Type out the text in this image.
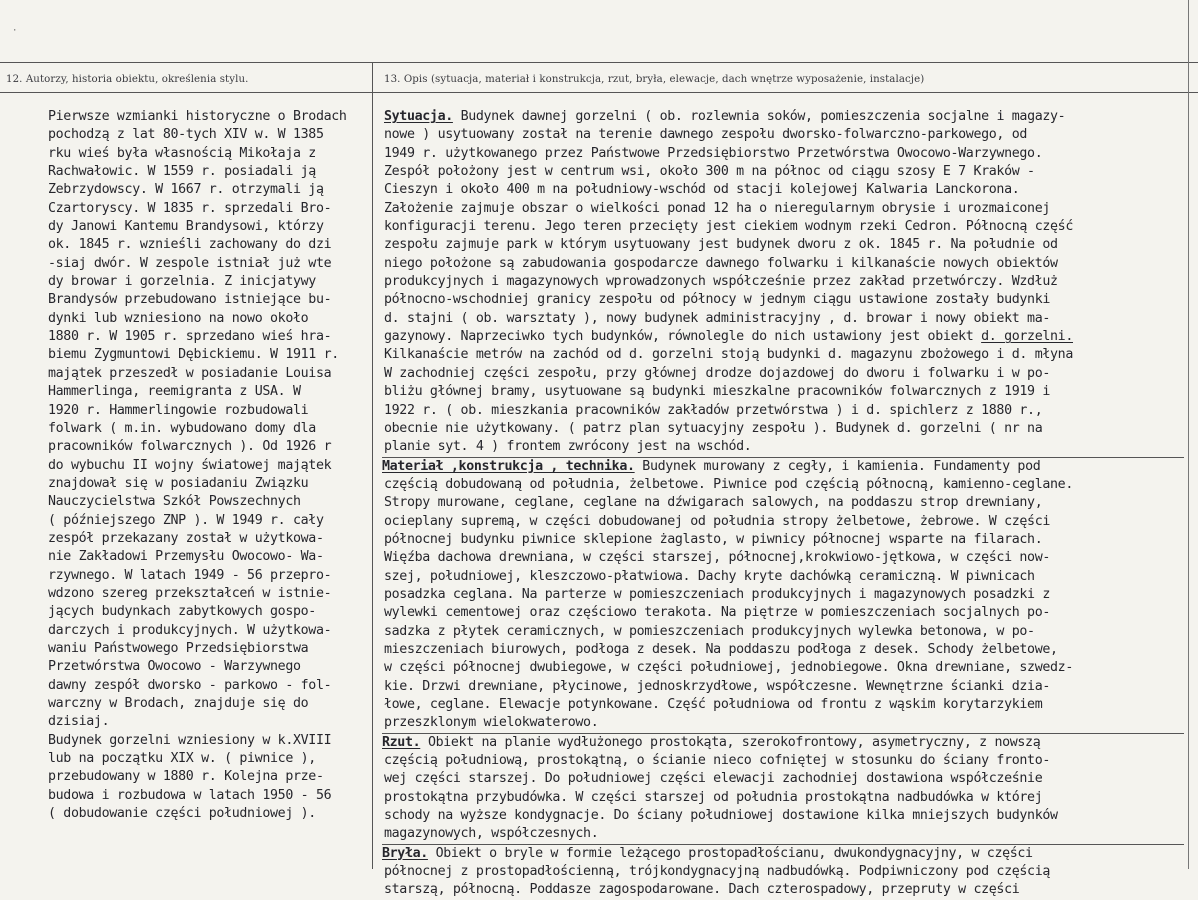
·
12. Autorzy, historia obiektu, określenia stylu.	13. Opis (sytuacja, materiał i konstrukcja, rzut, bryła, elewacje, dach wnętrze wyposażenie, instalacje)
Pierwsze wzmianki historyczne o Brodach
pochodzą z lat 80-tych XIV w. W 1385
rku wieś była własnością Mikołaja z
Rachwałowic. W 1559 r. posiadali ją
Zebrzydowscy. W 1667 r. otrzymali ją
Czartoryscy. W 1835 r. sprzedali Bro-
dy Janowi Kantemu Brandysowi, którzy
ok. 1845 r. wznieśli zachowany do dzi
-siaj dwór. W zespole istniał już wte
dy browar i gorzelnia. Z inicjatywy
Brandysów przebudowano istniejące bu-
dynki lub wzniesiono na nowo około
1880 r. W 1905 r. sprzedano wieś hra-
biemu Zygmuntowi Dębickiemu. W 1911 r.
majątek przeszedł w posiadanie Louisa
Hammerlinga, reemigranta z USA. W
1920 r. Hammerlingowie rozbudowali
folwark ( m.in. wybudowano domy dla
pracowników folwarcznych ). Od 1926 r
do wybuchu II wojny światowej majątek
znajdował się w posiadaniu Związku
Nauczycielstwa Szkół Powszechnych
( późniejszego ZNP ). W 1949 r. cały
zespół przekazany został w użytkowa-
nie Zakładowi Przemysłu Owocowo- Wa-
rzywnego. W latach 1949 - 56 przepro-
wdzono szereg przekształceń w istnie-
jących budynkach zabytkowych gospo-
darczych i produkcyjnych. W użytkowa-
waniu Państwowego Przedsiębiorstwa
Przetwórstwa Owocowo - Warzywnego
dawny zespół dworsko - parkowo - fol-
warczny w Brodach, znajduje się do
dzisiaj.
Budynek gorzelni wzniesiony w k.XVIII
lub na początku XIX w. ( piwnice ),
przebudowany w 1880 r. Kolejna prze-
budowa i rozbudowa w latach 1950 - 56
( dobudowanie części południowej ).
Sytuacja. Budynek dawnej gorzelni ( ob. rozlewnia soków, pomieszczenia socjalne i magazy-
nowe ) usytuowany został na terenie dawnego zespołu dworsko-folwarczno-parkowego, od
1949 r. użytkowanego przez Państwowe Przedsiębiorstwo Przetwórstwa Owocowo-Warzywnego.
Zespół położony jest w centrum wsi, około 300 m na północ od ciągu szosy E 7 Kraków -
Cieszyn i około 400 m na południowy-wschód od stacji kolejowej Kalwaria Lanckorona.
Założenie zajmuje obszar o wielkości ponad 12 ha o nieregularnym obrysie i urozmaiconej
konfiguracji terenu. Jego teren przecięty jest ciekiem wodnym rzeki Cedron. Północną część
zespołu zajmuje park w którym usytuowany jest budynek dworu z ok. 1845 r. Na południe od
niego położone są zabudowania gospodarcze dawnego folwarku i kilkanaście nowych obiektów
produkcyjnych i magazynowych wprowadzonych współcześnie przez zakład przetwórczy. Wzdłuż
północno-wschodniej granicy zespołu od północy w jednym ciągu ustawione zostały budynki
d. stajni ( ob. warsztaty ), nowy budynek administracyjny , d. browar i nowy obiekt ma-
gazynowy. Naprzeciwko tych budynków, równolegle do nich ustawiony jest obiekt d. gorzelni.
Kilkanaście metrów na zachód od d. gorzelni stoją budynki d. magazynu zbożowego i d. młyna
W zachodniej części zespołu, przy głównej drodze dojazdowej do dworu i folwarku i w po-
bliżu głównej bramy, usytuowane są budynki mieszkalne pracowników folwarcznych z 1919 i
1922 r. ( ob. mieszkania pracowników zakładów przetwórstwa ) i d. spichlerz z 1880 r.,
obecnie nie użytkowany. ( patrz plan sytuacyjny zespołu ). Budynek d. gorzelni ( nr na
planie syt. 4 ) frontem zwrócony jest na wschód.
Materiał ,konstrukcja , technika. Budynek murowany z cegły, i kamienia. Fundamenty pod
częścią dobudowaną od południa, żelbetowe. Piwnice pod częścią północną, kamienno-ceglane.
Stropy murowane, ceglane, ceglane na dźwigarach salowych, na poddaszu strop drewniany,
ocieplany supremą, w części dobudowanej od południa stropy żelbetowe, żebrowe. W części
północnej budynku piwnice sklepione żaglasto, w piwnicy północnej wsparte na filarach.
Więźba dachowa drewniana, w części starszej, północnej,krokwiowo-jętkowa, w części now-
szej, południowej, kleszczowo-płatwiowa. Dachy kryte dachówką ceramiczną. W piwnicach
posadzka ceglana. Na parterze w pomieszczeniach produkcyjnych i magazynowych posadzki z
wylewki cementowej oraz częściowo terakota. Na piętrze w pomieszczeniach socjalnych po-
sadzka z płytek ceramicznych, w pomieszczeniach produkcyjnych wylewka betonowa, w po-
mieszczeniach biurowych, podłoga z desek. Na poddaszu podłoga z desek. Schody żelbetowe,
w części północnej dwubiegowe, w części południowej, jednobiegowe. Okna drewniane, szwedz-
kie. Drzwi drewniane, płycinowe, jednoskrzydłowe, współczesne. Wewnętrzne ścianki dzia-
łowe, ceglane. Elewacje potynkowane. Część południowa od frontu z wąskim korytarzykiem
przeszklonym wielokwaterowo.
Rzut. Obiekt na planie wydłużonego prostokąta, szerokofrontowy, asymetryczny, z nowszą
częścią południową, prostokątną, o ścianie nieco cofniętej w stosunku do ściany fronto-
wej części starszej. Do południowej części elewacji zachodniej dostawiona współcześnie
prostokątna przybudówka. W części starszej od południa prostokątna nadbudówka w której
schody na wyższe kondygnacje. Do ściany południowej dostawione kilka mniejszych budynków
magazynowych, współczesnych.
Bryła. Obiekt o bryle w formie leżącego prostopadłościanu, dwukondygnacyjny, w części
północnej z prostopadłościenną, trójkondygnacyjną nadbudówką. Podpiwniczony pod częścią
starszą, północną. Poddasze zagospodarowane. Dach czterospadowy, przepruty w części
